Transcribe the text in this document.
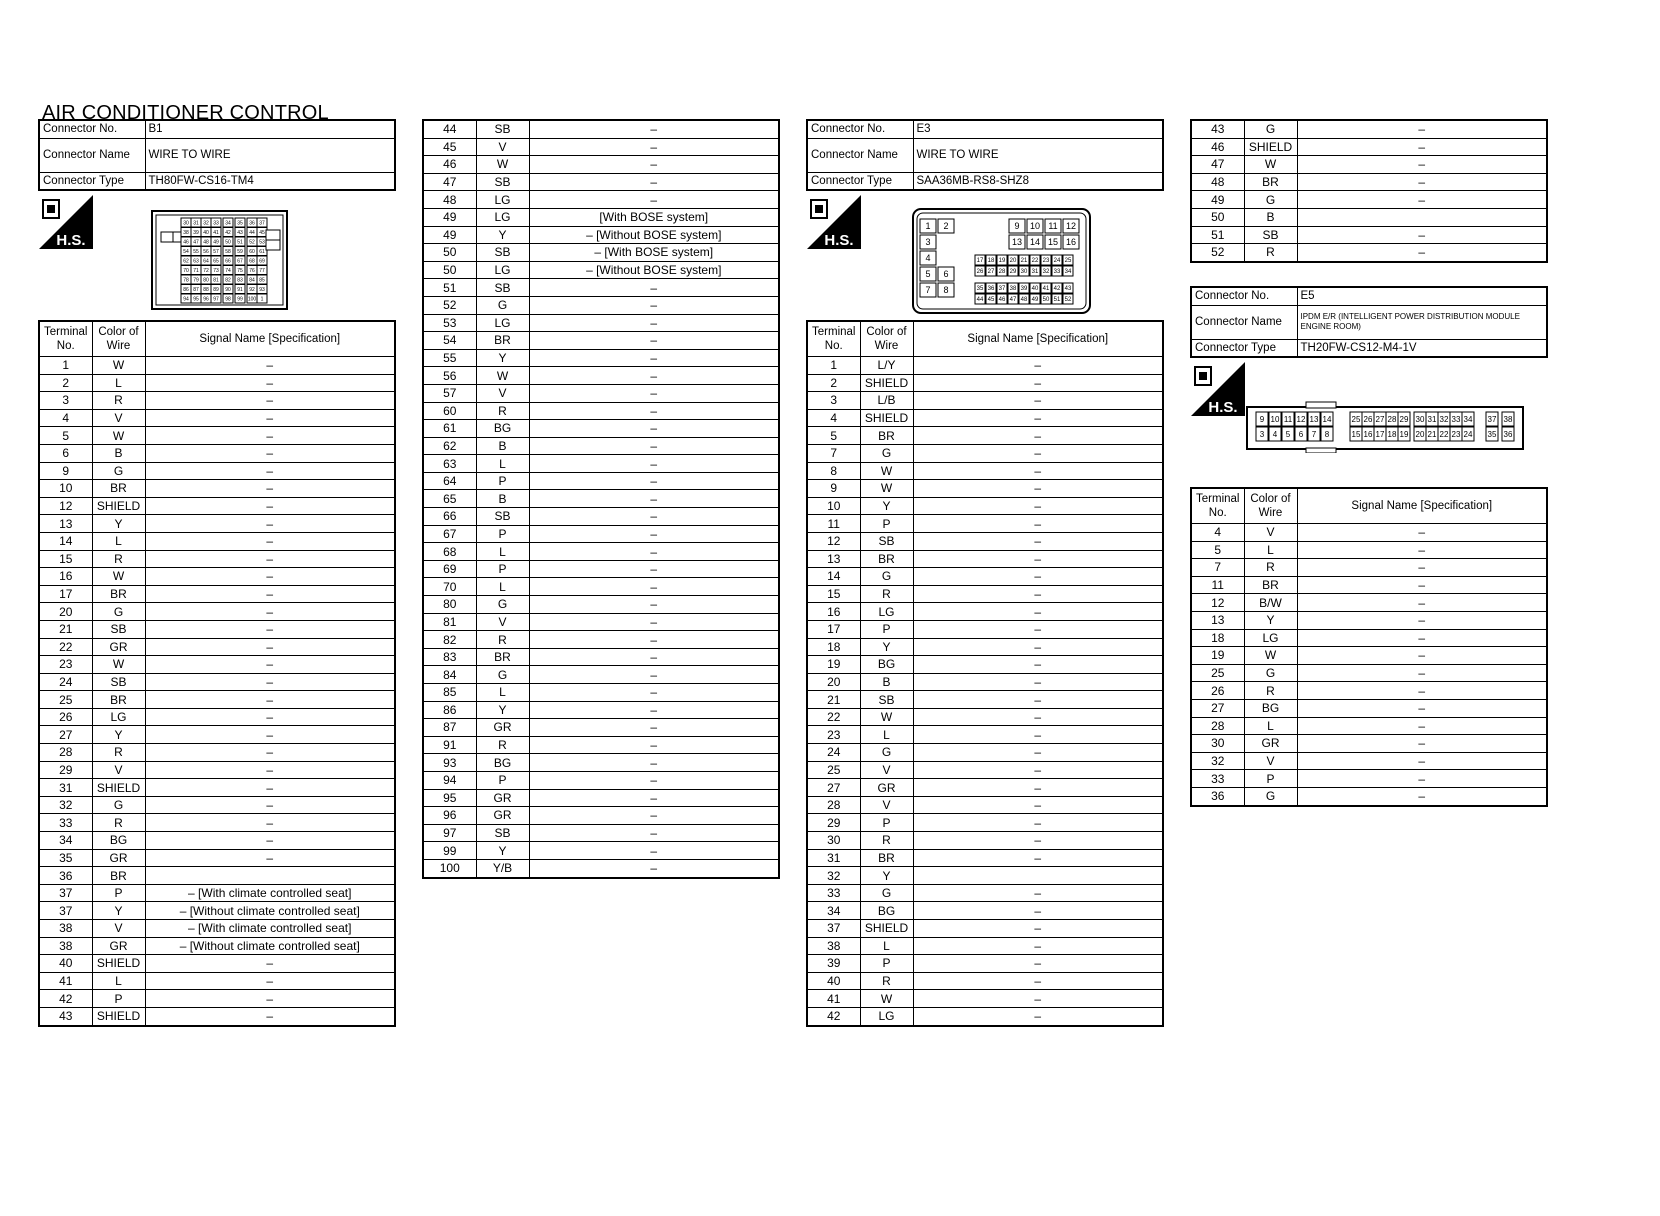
AIR CONDITIONER CONTROL
Connector No.	B1
Connector Name	WIRE TO WIRE
Connector Type	TH80FW-CS16-TM4
H.S.
30 31 32 33 34 35 36 37
38 39 40 41 42 43 44 45
46 47 48 49 50 51 52 53
54 55 56 57 58 59 60 61
62 63 64 65 66 67 68 69
70 71 72 73 74 75 76 77
78 79 80 81 82 83 84 85
86 87 88 89 90 91 92 93
94 95 96 97 98 99 100 1
Terminal No.	Color of Wire	Signal Name [Specification]
1	W	–
2	L	–
3	R	–
4	V	–
5	W	–
6	B	–
9	G	–
10	BR	–
12	SHIELD	–
13	Y	–
14	L	–
15	R	–
16	W	–
17	BR	–
20	G	–
21	SB	–
22	GR	–
23	W	–
24	SB	–
25	BR	–
26	LG	–
27	Y	–
28	R	–
29	V	–
31	SHIELD	–
32	G	–
33	R	–
34	BG	–
35	GR	–
36	BR	
37	P	– [With climate controlled seat]
37	Y	– [Without climate controlled seat]
38	V	– [With climate controlled seat]
38	GR	– [Without climate controlled seat]
40	SHIELD	–
41	L	–
42	P	–
43	SHIELD	–
44	SB	–
45	V	–
46	W	–
47	SB	–
48	LG	–
49	LG	[With BOSE system]
49	Y	– [Without BOSE system]
50	SB	– [With BOSE system]
50	LG	– [Without BOSE system]
51	SB	–
52	G	–
53	LG	–
54	BR	–
55	Y	–
56	W	–
57	V	–
60	R	–
61	BG	–
62	B	–
63	L	–
64	P	–
65	B	–
66	SB	–
67	P	–
68	L	–
69	P	–
70	L	–
80	G	–
81	V	–
82	R	–
83	BR	–
84	G	–
85	L	–
86	Y	–
87	GR	–
91	R	–
93	BG	–
94	P	–
95	GR	–
96	GR	–
97	SB	–
99	Y	–
100	Y/B	–
Connector No.	E3
Connector Name	WIRE TO WIRE
Connector Type	SAA36MB-RS8-SHZ8
H.S.
1 2
3
4
5 6
7 8
9 10 11 12
13 14 15 16
17 18 19 20 21 22 23 24 25
26 27 28 29 30 31 32 33 34
35 36 37 38 39 40 41 42 43
44 45 46 47 48 49 50 51 52
Terminal No.	Color of Wire	Signal Name [Specification]
1	L/Y	–
2	SHIELD	–
3	L/B	–
4	SHIELD	–
5	BR	–
7	G	–
8	W	–
9	W	–
10	Y	–
11	P	–
12	SB	–
13	BR	–
14	G	–
15	R	–
16	LG	–
17	P	–
18	Y	–
19	BG	–
20	B	–
21	SB	–
22	W	–
23	L	–
24	G	–
25	V	–
27	GR	–
28	V	–
29	P	–
30	R	–
31	BR	–
32	Y	
33	G	–
34	BG	–
37	SHIELD	–
38	L	–
39	P	–
40	R	–
41	W	–
42	LG	–
43	G	–
46	SHIELD	–
47	W	–
48	BR	–
49	G	–
50	B	
51	SB	–
52	R	–
Connector No.	E5
Connector Name	IPDM E/R (INTELLIGENT POWER DISTRIBUTION MODULE ENGINE ROOM)
Connector Type	TH20FW-CS12-M4-1V
H.S.
9 10 11 12 13 14	25 26 27 28 29 30 31 32 33 34 37 38
3 4 5 6 7 8	15 16 17 18 19 20 21 22 23 24 35 36
Terminal No.	Color of Wire	Signal Name [Specification]
4	V	–
5	L	–
7	R	–
11	BR	–
12	B/W	–
13	Y	–
18	LG	–
19	W	–
25	G	–
26	R	–
27	BG	–
28	L	–
30	GR	–
32	V	–
33	P	–
36	G	–
